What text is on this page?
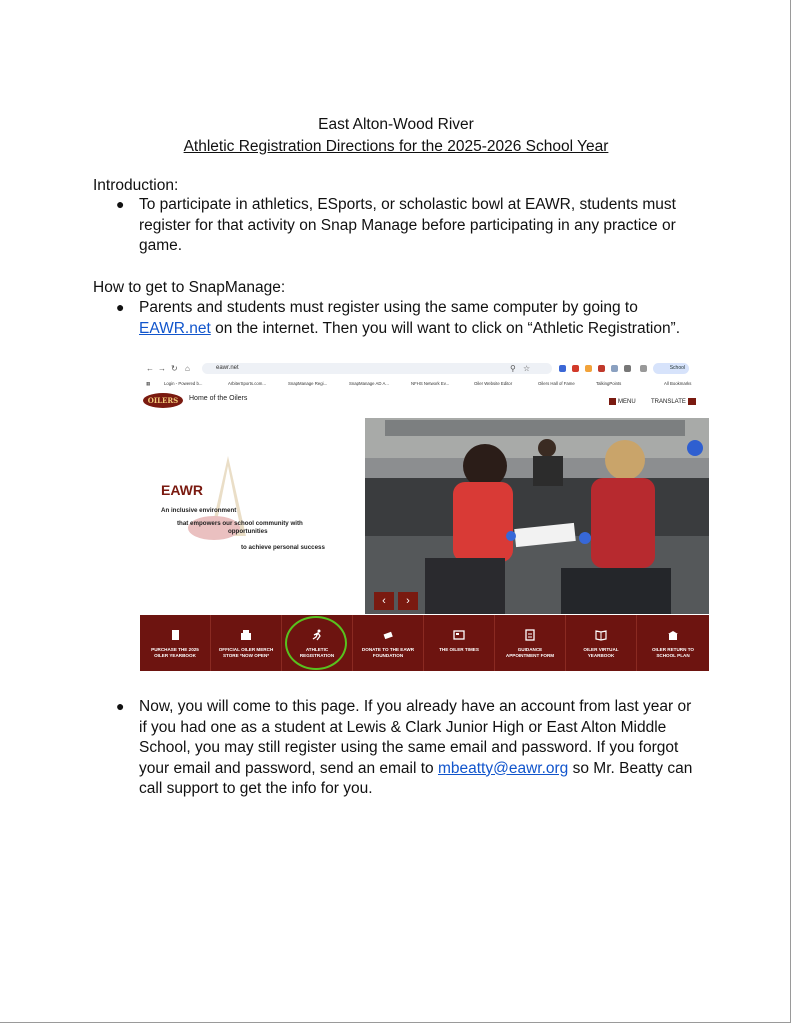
East Alton-Wood River
Athletic Registration Directions for the 2025-2026 School Year
Introduction:
● To participate in athletics, ESports, or scholastic bowl at EAWR, students must register for that activity on Snap Manage before participating in any practice or game.
How to get to SnapManage:
● Parents and students must register using the same computer by going to EAWR.net on the internet. Then you will want to click on “Athletic Registration”.
← → ↻ ⌂	eawr.net	⚲ ☆	School
▦	Login - Powered b...	ArbiterSports.com...	SnapManage Regi...	SnapManage AD A...	NFHS Network Ev...	Oiler Website Editor	Oilers Hall of Fame	TalkingPoints	All Bookmarks
OILERS	Home of the Oilers
MENU	TRANSLATE
EAWR
An inclusive environment
that empowers our school community with
opportunities
to achieve personal success
‹	›
PURCHASE THE 2025
OILER YEARBOOK
OFFICIAL OILER MERCH
STORE *NOW OPEN*
ATHLETIC
REGISTRATION
DONATE TO THE EAWR
FOUNDATION
THE OILER TIMES	GUIDANCE
APPOINTMENT FORM
OILER VIRTUAL
YEARBOOK
OILER RETURN TO
SCHOOL PLAN
● Now, you will come to this page. If you already have an account from last year or if you had one as a student at Lewis & Clark Junior High or East Alton Middle School, you may still register using the same email and password. If you forgot your email and password, send an email to mbeatty@eawr.org so Mr. Beatty can call support to get the info for you.
